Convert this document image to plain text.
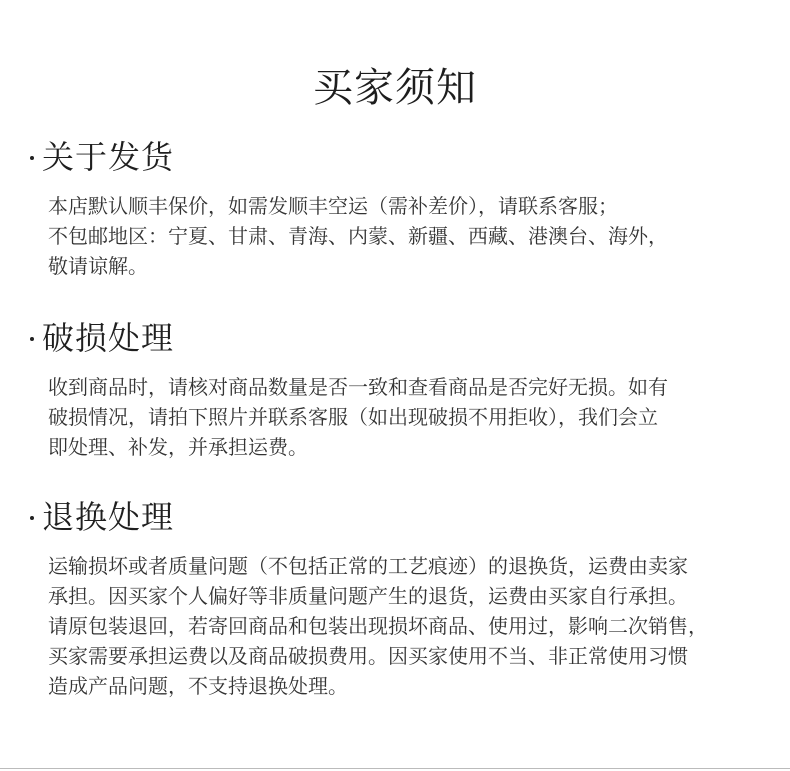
买家须知
关于发货
本店默认顺丰保价，如需发顺丰空运（需补差价），请联系客服；
不包邮地区：宁夏、甘肃、青海、内蒙、新疆、西藏、港澳台、海外，
敬请谅解。
破损处理
收到商品时，请核对商品数量是否一致和查看商品是否完好无损。如有
破损情况，请拍下照片并联系客服（如出现破损不用拒收），我们会立
即处理、补发，并承担运费。
退换处理
运输损坏或者质量问题（不包括正常的工艺痕迹）的退换货，运费由卖家
承担。因买家个人偏好等非质量问题产生的退货，运费由买家自行承担。
请原包装退回，若寄回商品和包装出现损坏商品、使用过，影响二次销售，
买家需要承担运费以及商品破损费用。因买家使用不当、非正常使用习惯
造成产品问题，不支持退换处理。
